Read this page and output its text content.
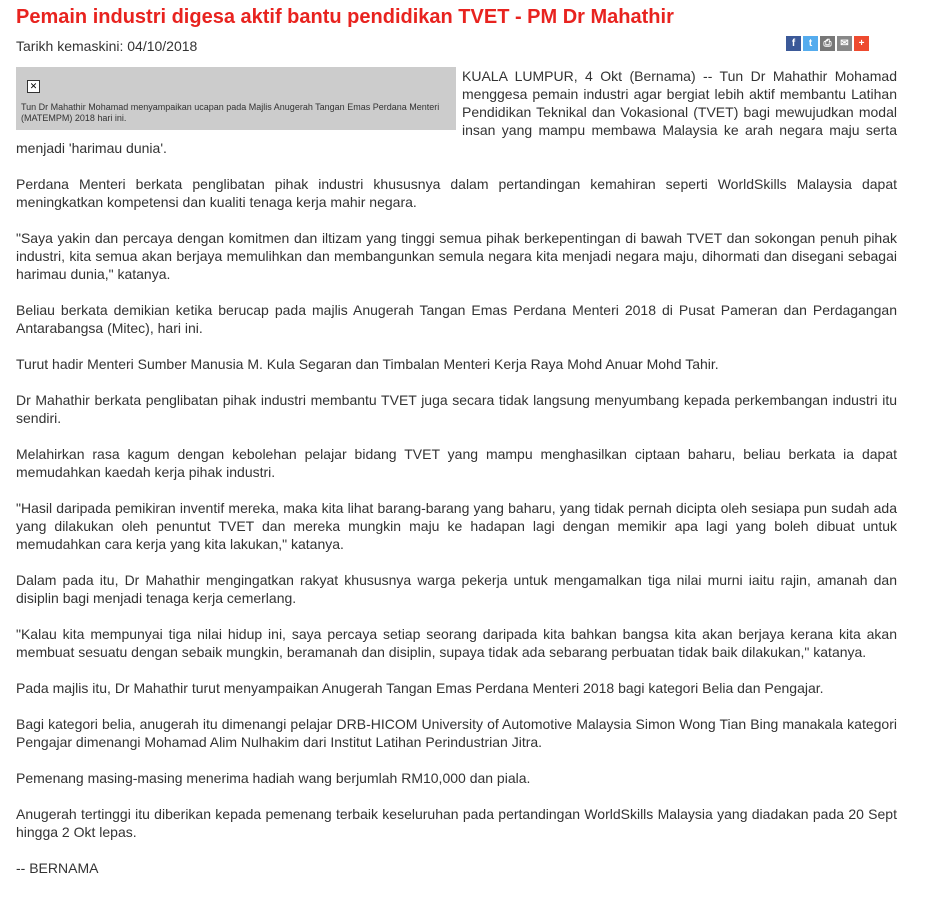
Pemain industri digesa aktif bantu pendidikan TVET - PM Dr Mahathir
Tarikh kemaskini: 04/10/2018	f	t	⎙ ✉ +
✕
Tun Dr Mahathir Mohamad menyampaikan ucapan pada Majlis Anugerah Tangan Emas Perdana Menteri (MATEMPM) 2018 hari ini.

KUALA LUMPUR, 4 Okt (Bernama) -- Tun Dr Mahathir Mohamad menggesa pemain industri agar bergiat lebih aktif membantu Latihan Pendidikan Teknikal dan Vokasional (TVET) bagi mewujudkan modal insan yang mampu membawa Malaysia ke arah negara maju serta menjadi 'harimau dunia'.

Perdana Menteri berkata penglibatan pihak industri khususnya dalam pertandingan kemahiran seperti WorldSkills Malaysia dapat meningkatkan kompetensi dan kualiti tenaga kerja mahir negara.

"Saya yakin dan percaya dengan komitmen dan iltizam yang tinggi semua pihak berkepentingan di bawah TVET dan sokongan penuh pihak industri, kita semua akan berjaya memulihkan dan membangunkan semula negara kita menjadi negara maju, dihormati dan disegani sebagai harimau dunia," katanya.

Beliau berkata demikian ketika berucap pada majlis Anugerah Tangan Emas Perdana Menteri 2018 di Pusat Pameran dan Perdagangan Antarabangsa (Mitec), hari ini.

Turut hadir Menteri Sumber Manusia M. Kula Segaran dan Timbalan Menteri Kerja Raya Mohd Anuar Mohd Tahir.

Dr Mahathir berkata penglibatan pihak industri membantu TVET juga secara tidak langsung menyumbang kepada perkembangan industri itu sendiri.

Melahirkan rasa kagum dengan kebolehan pelajar bidang TVET yang mampu menghasilkan ciptaan baharu, beliau berkata ia dapat memudahkan kaedah kerja pihak industri.

"Hasil daripada pemikiran inventif mereka, maka kita lihat barang-barang yang baharu, yang tidak pernah dicipta oleh sesiapa pun sudah ada yang dilakukan oleh penuntut TVET dan mereka mungkin maju ke hadapan lagi dengan memikir apa lagi yang boleh dibuat untuk memudahkan cara kerja yang kita lakukan," katanya.

Dalam pada itu, Dr Mahathir mengingatkan rakyat khususnya warga pekerja untuk mengamalkan tiga nilai murni iaitu rajin, amanah dan disiplin bagi menjadi tenaga kerja cemerlang.

"Kalau kita mempunyai tiga nilai hidup ini, saya percaya setiap seorang daripada kita bahkan bangsa kita akan berjaya kerana kita akan membuat sesuatu dengan sebaik mungkin, beramanah dan disiplin, supaya tidak ada sebarang perbuatan tidak baik dilakukan," katanya.

Pada majlis itu, Dr Mahathir turut menyampaikan Anugerah Tangan Emas Perdana Menteri 2018 bagi kategori Belia dan Pengajar.

Bagi kategori belia, anugerah itu dimenangi pelajar DRB-HICOM University of Automotive Malaysia Simon Wong Tian Bing manakala kategori Pengajar dimenangi Mohamad Alim Nulhakim dari Institut Latihan Perindustrian Jitra.

Pemenang masing-masing menerima hadiah wang berjumlah RM10,000 dan piala.

Anugerah tertinggi itu diberikan kepada pemenang terbaik keseluruhan pada pertandingan WorldSkills Malaysia yang diadakan pada 20 Sept hingga 2 Okt lepas.

-- BERNAMA
